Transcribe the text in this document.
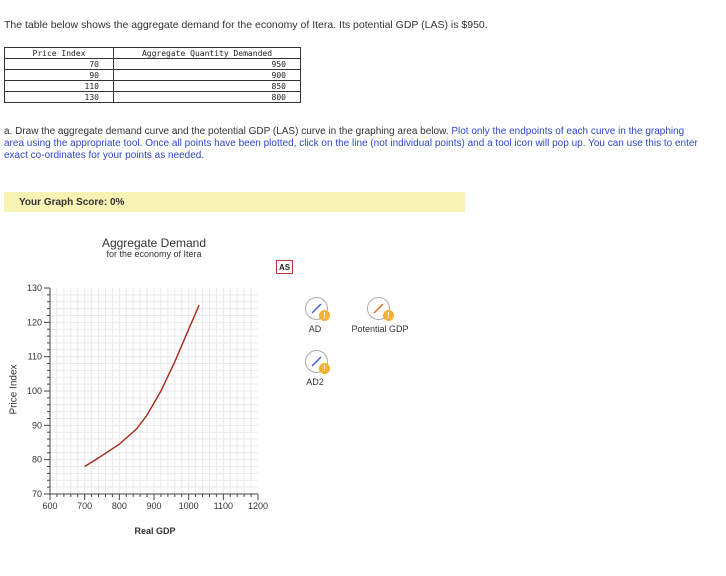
The table below shows the aggregate demand for the economy of Itera. Its potential GDP (LAS) is $950.
Price Index	Aggregate Quantity Demanded
70	950
90	900
110	850
130	800
a. Draw the aggregate demand curve and the potential GDP (LAS) curve in the graphing area below. Plot only the endpoints of each curve in the graphing area using the appropriate tool. Once all points have been plotted, click on the line (not individual points) and a tool icon will pop up. You can use this to enter exact co-ordinates for your points as needed.
Your Graph Score: 0%
Aggregate Demand
for the economy of Itera
Price Index
Real GDP
600 700 800 900 1000 1100 1200
70
80
90
100
110
120
130
AS
!
AD
!
Potential GDP
!
AD2
